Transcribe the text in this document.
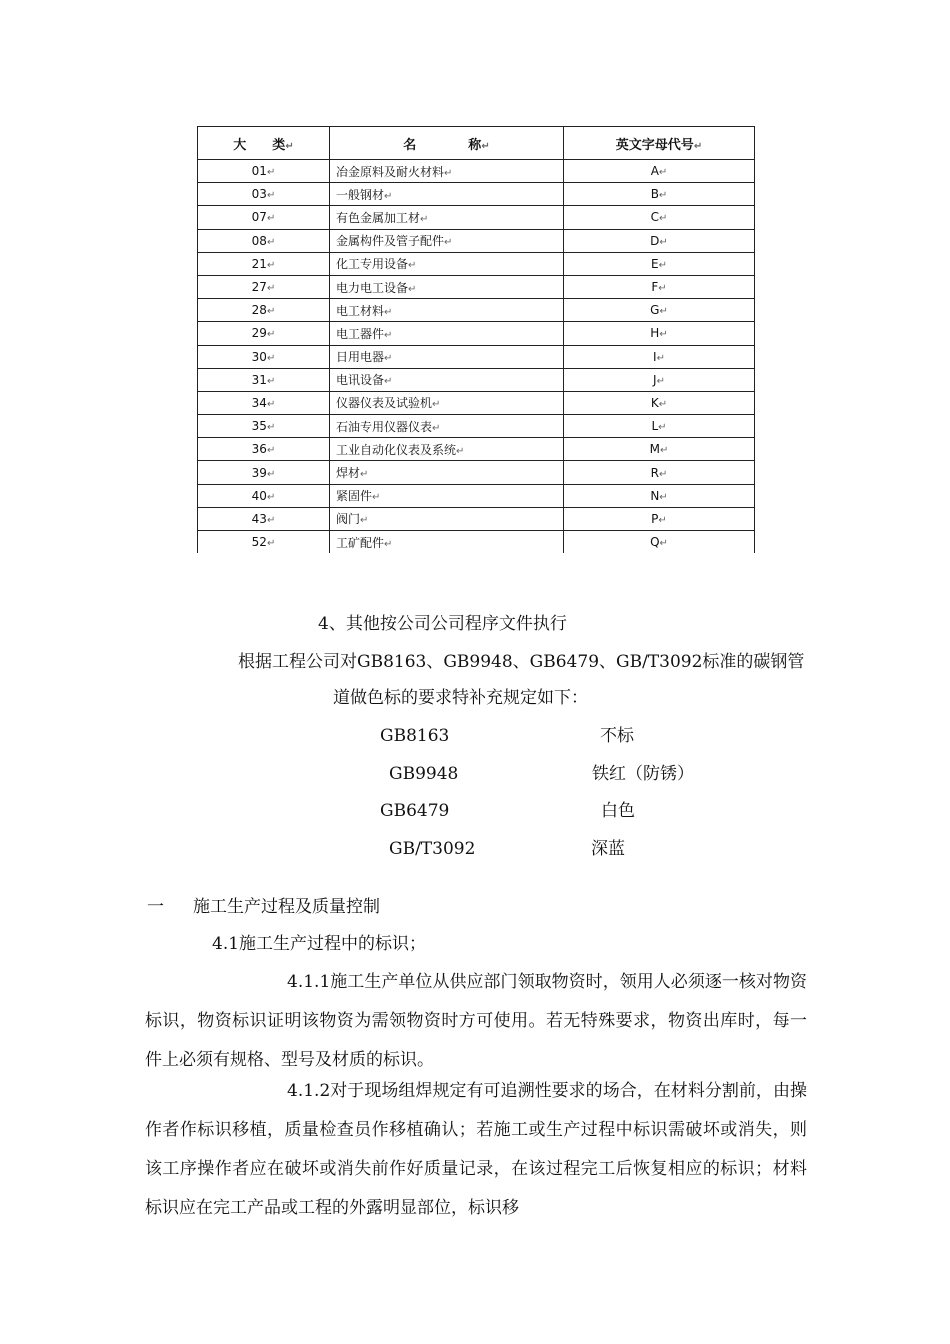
大　　类↵	名　　　　称↵	英文字母代号↵
01↵	冶金原料及耐火材料↵	A↵
03↵	一般钢材↵	B↵
07↵	有色金属加工材↵	C↵
08↵	金属构件及管子配件↵	D↵
21↵	化工专用设备↵	E↵
27↵	电力电工设备↵	F↵
28↵	电工材料↵	G↵
29↵	电工器件↵	H↵
30↵	日用电器↵	I↵
31↵	电讯设备↵	J↵
34↵	仪器仪表及试验机↵	K↵
35↵	石油专用仪器仪表↵	L↵
36↵	工业自动化仪表及系统↵	M↵
39↵	焊材↵	R↵
40↵	紧固件↵	N↵
43↵	阀门↵	P↵
52↵	工矿配件↵	Q↵
4、其他按公司公司程序文件执行
根据工程公司对GB8163、GB9948、GB6479、GB/T3092标准的碳钢管
道做色标的要求特补充规定如下：
GB8163	不标
GB9948	铁红（防锈）
GB6479	白色
GB/T3092	深蓝
一 施工生产过程及质量控制
4.1施工生产过程中的标识；
4.1.1施工生产单位从供应部门领取物资时，领用人必须逐一核对物资标识，物资标识证明该物资为需领物资时方可使用。若无特殊要求，物资出库时，每一件上必须有规格、型号及材质的标识。
4.1.2对于现场组焊规定有可追溯性要求的场合，在材料分割前，由操作者作标识移植，质量检查员作移植确认；若施工或生产过程中标识需破坏或消失，则该工序操作者应在破坏或消失前作好质量记录，在该过程完工后恢复相应的标识；材料标识应在完工产品或工程的外露明显部位，标识移
